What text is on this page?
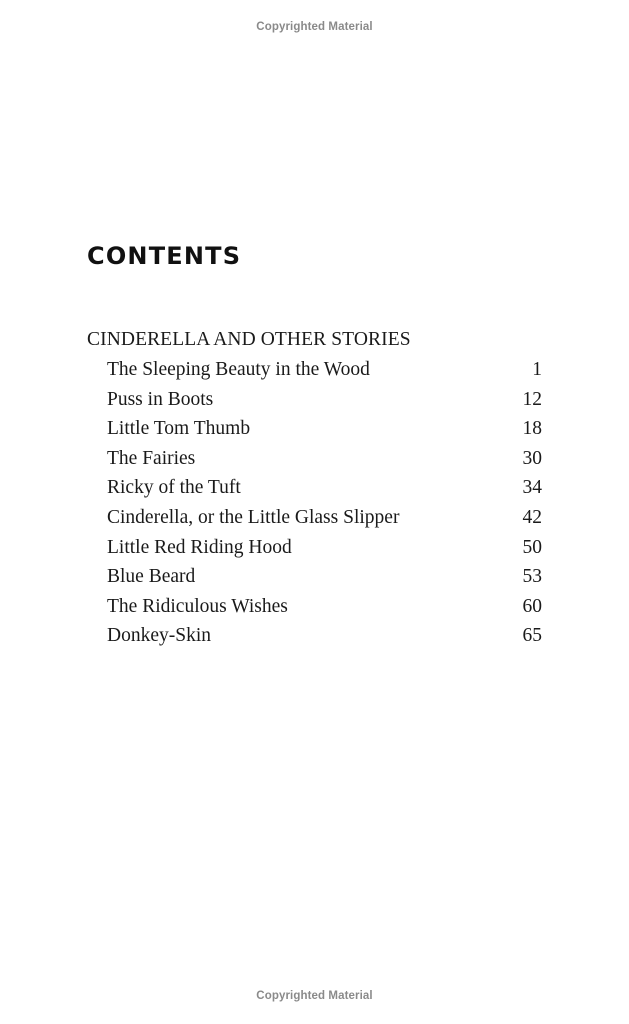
Copyrighted Material
CONTENTS
CINDERELLA AND OTHER STORIES
The Sleeping Beauty in the Wood	1
Puss in Boots	12
Little Tom Thumb	18
The Fairies	30
Ricky of the Tuft	34
Cinderella, or the Little Glass Slipper	42
Little Red Riding Hood	50
Blue Beard	53
The Ridiculous Wishes	60
Donkey-Skin	65
Copyrighted Material
